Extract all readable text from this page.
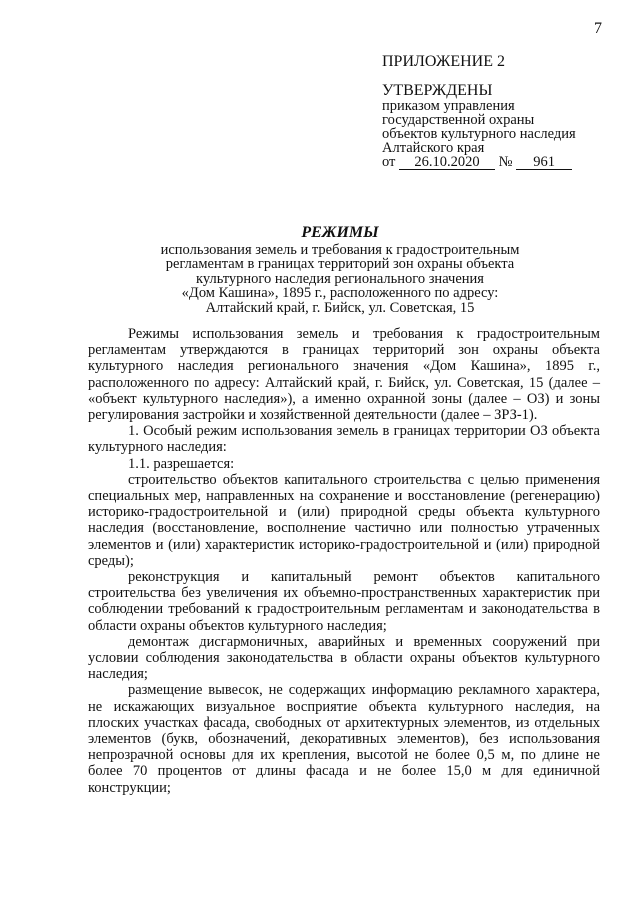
7
ПРИЛОЖЕНИЕ 2
УТВЕРЖДЕНЫ
приказом управления
государственной охраны
объектов культурного наследия
Алтайского края
от 26.10.2020 № 961
РЕЖИМЫ
использования земель и требования к градостроительным
регламентам в границах территорий зон охраны объекта
культурного наследия регионального значения
«Дом Кашина», 1895 г., расположенного по адресу:
Алтайский край, г. Бийск, ул. Советская, 15

Режимы использования земель и требования к градостроительным регламентам утверждаются в границах территорий зон охраны объекта культурного наследия регионального значения «Дом Кашина», 1895 г., расположенного по адресу: Алтайский край, г. Бийск, ул. Советская, 15 (далее – «объект культурного наследия»), а именно охранной зоны (далее – ОЗ) и зоны регулирования застройки и хозяйственной деятельности (далее – ЗРЗ-1).

1. Особый режим использования земель в границах территории ОЗ объекта культурного наследия:

1.1. разрешается:

строительство объектов капитального строительства с целью применения специальных мер, направленных на сохранение и восстановление (регенерацию) историко-градостроительной и (или) природной среды объекта культурного наследия (восстановление, восполнение частично или полностью утраченных элементов и (или) характеристик историко-градостроительной и (или) природной среды);

реконструкция и капитальный ремонт объектов капитального строительства без увеличения их объемно-пространственных характеристик при соблюдении требований к градостроительным регламентам и законодательства в области охраны объектов культурного наследия;

демонтаж дисгармоничных, аварийных и временных сооружений при условии соблюдения законодательства в области охраны объектов культурного наследия;

размещение вывесок, не содержащих информацию рекламного характера, не искажающих визуальное восприятие объекта культурного наследия, на плоских участках фасада, свободных от архитектурных элементов, из отдельных элементов (букв, обозначений, декоративных элементов), без использования непрозрачной основы для их крепления, высотой не более 0,5 м, по длине не более 70 процентов от длины фасада и не более 15,0 м для единичной конструкции;
